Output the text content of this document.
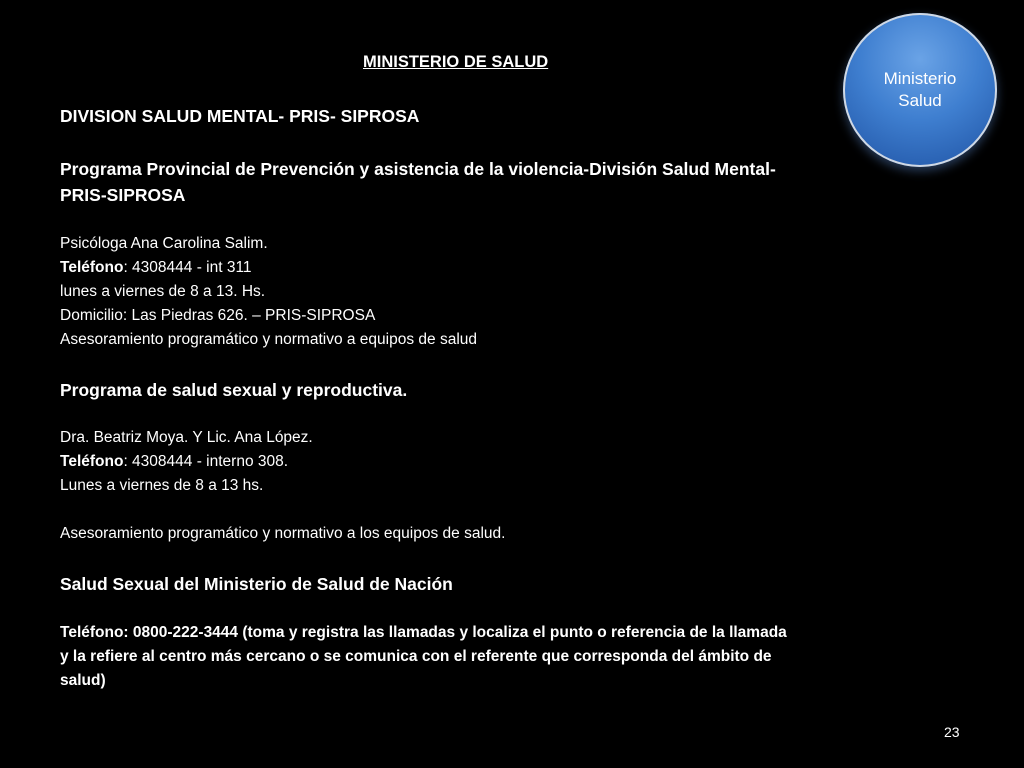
Ministerio
Salud
MINISTERIO DE SALUD
DIVISION SALUD MENTAL- PRIS- SIPROSA
Programa Provincial de Prevención y asistencia de la violencia-División Salud Mental-
PRIS-SIPROSA
Psicóloga Ana Carolina Salim.
Teléfono: 4308444 - int 311
lunes a viernes de 8 a 13. Hs.
Domicilio: Las Piedras 626. – PRIS-SIPROSA
Asesoramiento programático y normativo a equipos de salud
Programa de salud sexual y reproductiva.
Dra. Beatriz Moya. Y Lic. Ana López.
Teléfono: 4308444 - interno 308.
Lunes a viernes de 8 a 13 hs.
Asesoramiento programático y normativo a los equipos de salud.
Salud Sexual del Ministerio de Salud de Nación
Teléfono: 0800-222-3444 (toma y registra las llamadas y localiza el punto o referencia de la llamada
y la refiere al centro más cercano o se comunica con el referente que corresponda del ámbito de
salud)
23
